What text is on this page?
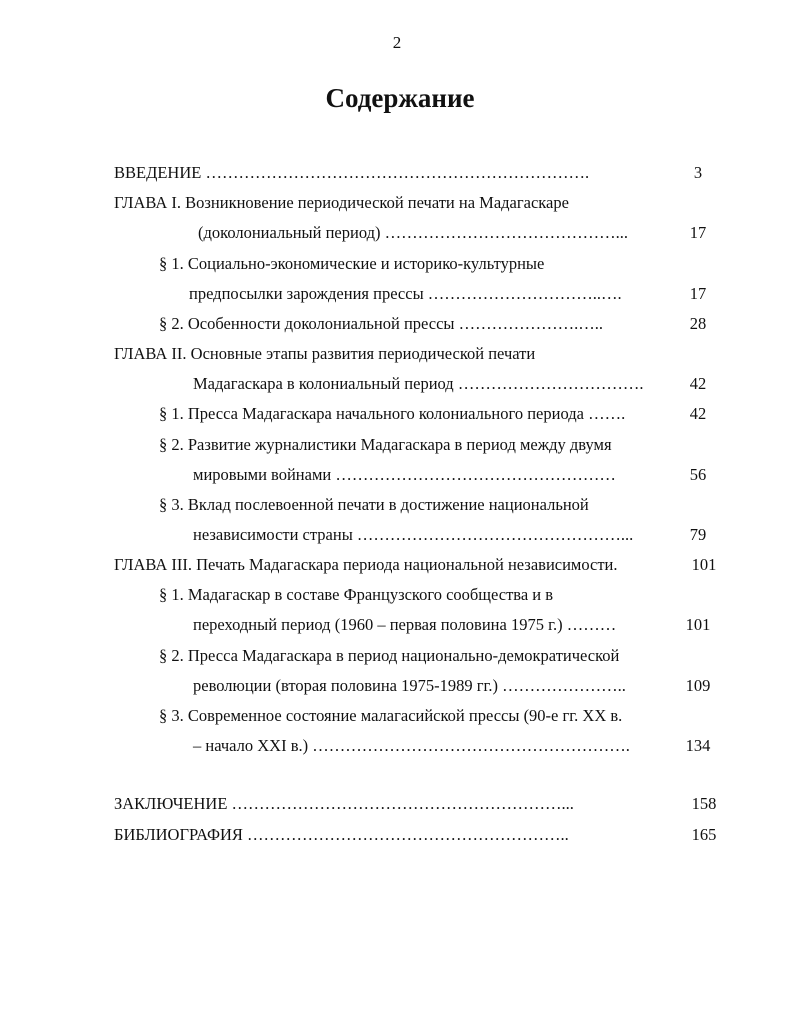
2
Содержание
ВВЕДЕНИЕ …………………………………………………………….	3
ГЛАВА I. Возникновение периодической печати на Мадагаскаре
(доколониальный период) ……………………………………...	17
§ 1. Социально-экономические и историко-культурные
предпосылки зарождения прессы …………………………..….	17
§ 2. Особенности доколониальной прессы ………………….…..	28
ГЛАВА II. Основные этапы развития периодической печати
Мадагаскара в колониальный период …………………………….	42
§ 1. Пресса Мадагаскара начального колониального периода …….	42
§ 2. Развитие журналистики Мадагаскара в период между двумя
мировыми войнами ……………………………………………	56
§ 3. Вклад послевоенной печати в достижение национальной
независимости страны …………………………………………...	79
ГЛАВА III. Печать Мадагаскара периода национальной независимости.	101
§ 1. Мадагаскар в составе Французского сообщества и в
переходный период (1960 – первая половина 1975 г.) ………	101
§ 2. Пресса Мадагаскара в период национально-демократической
революции (вторая половина 1975-1989 гг.) …………………..	109
§ 3. Современное состояние малагасийской прессы (90-е гг. XX в.
– начало XXI в.) ………………………………………………….	134
ЗАКЛЮЧЕНИЕ ……………………………………………………...	158
БИБЛИОГРАФИЯ …………………………………………………..	165
